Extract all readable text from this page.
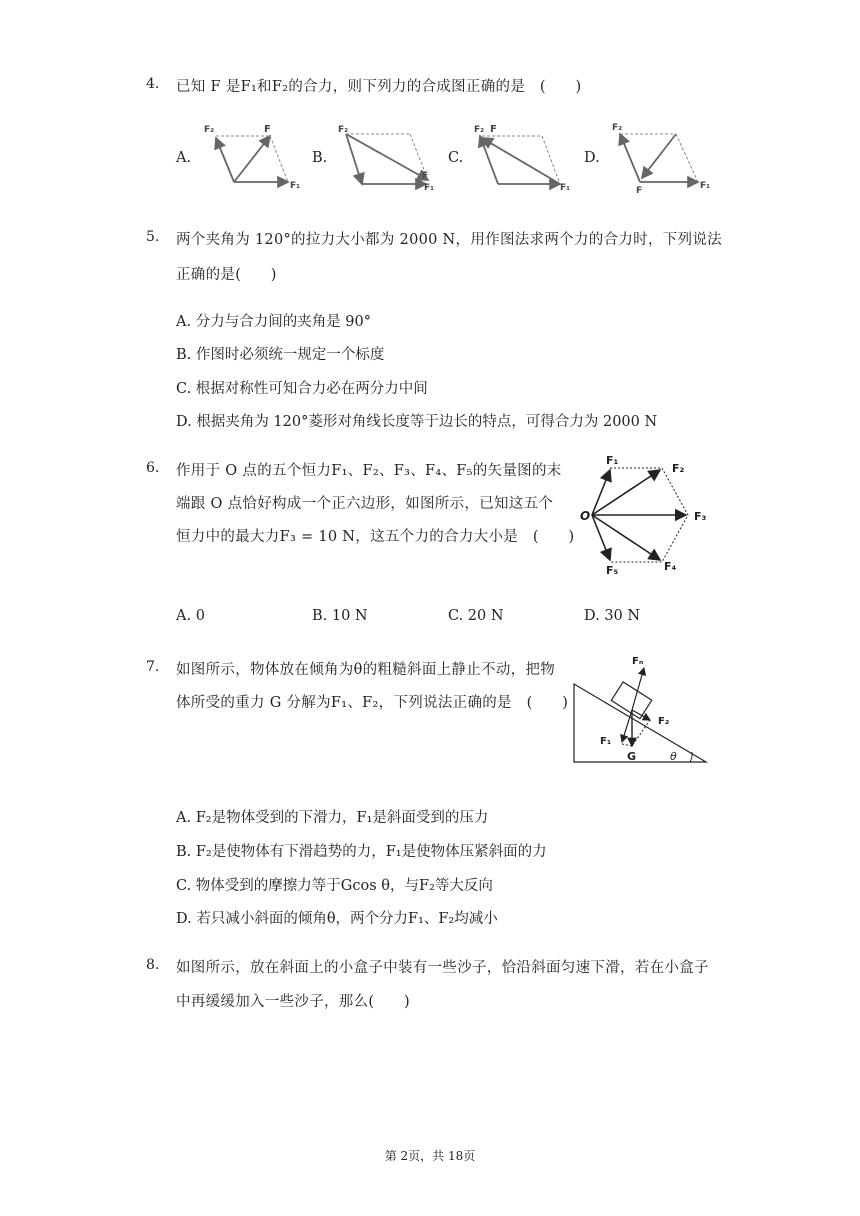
4. 已知 F 是F₁和F₂的合力，则下列力的合成图正确的是　(　　)
A.	B.	C.	D.
F₂	F
F₁
F₂
F
F₁
F₂ F
F₁
F₂
F	F₁
5. 两个夹角为 120°的拉力大小都为 2000 N，用作图法求两个力的合力时，下列说法
正确的是(　　)
A. 分力与合力间的夹角是 90°
B. 作图时必须统一规定一个标度
C. 根据对称性可知合力必在两分力中间
D. 根据夹角为 120°菱形对角线长度等于边长的特点，可得合力为 2000 N
6. 作用于 O 点的五个恒力F₁、F₂、F₃、F₄、F₅的矢量图的末
端跟 O 点恰好构成一个正六边形，如图所示，已知这五个
恒力中的最大力F₃ = 10 N，这五个力的合力大小是　(　　)
O
F₁
F₂
F₃
F₄
F₅
A. 0	B. 10 N	C. 20 N	D. 30 N
7. 如图所示，物体放在倾角为θ的粗糙斜面上静止不动，把物
体所受的重力 G 分解为F₁、F₂，下列说法正确的是　(　　)
Fₙ
F₂
F₁
G	θ
A. F₂是物体受到的下滑力，F₁是斜面受到的压力
B. F₂是使物体有下滑趋势的力，F₁是使物体压紧斜面的力
C. 物体受到的摩擦力等于Gcos θ，与F₂等大反向
D. 若只减小斜面的倾角θ，两个分力F₁、F₂均减小
8. 如图所示，放在斜面上的小盒子中装有一些沙子，恰沿斜面匀速下滑，若在小盒子
中再缓缓加入一些沙子，那么(　　)
第 2页，共 18页
